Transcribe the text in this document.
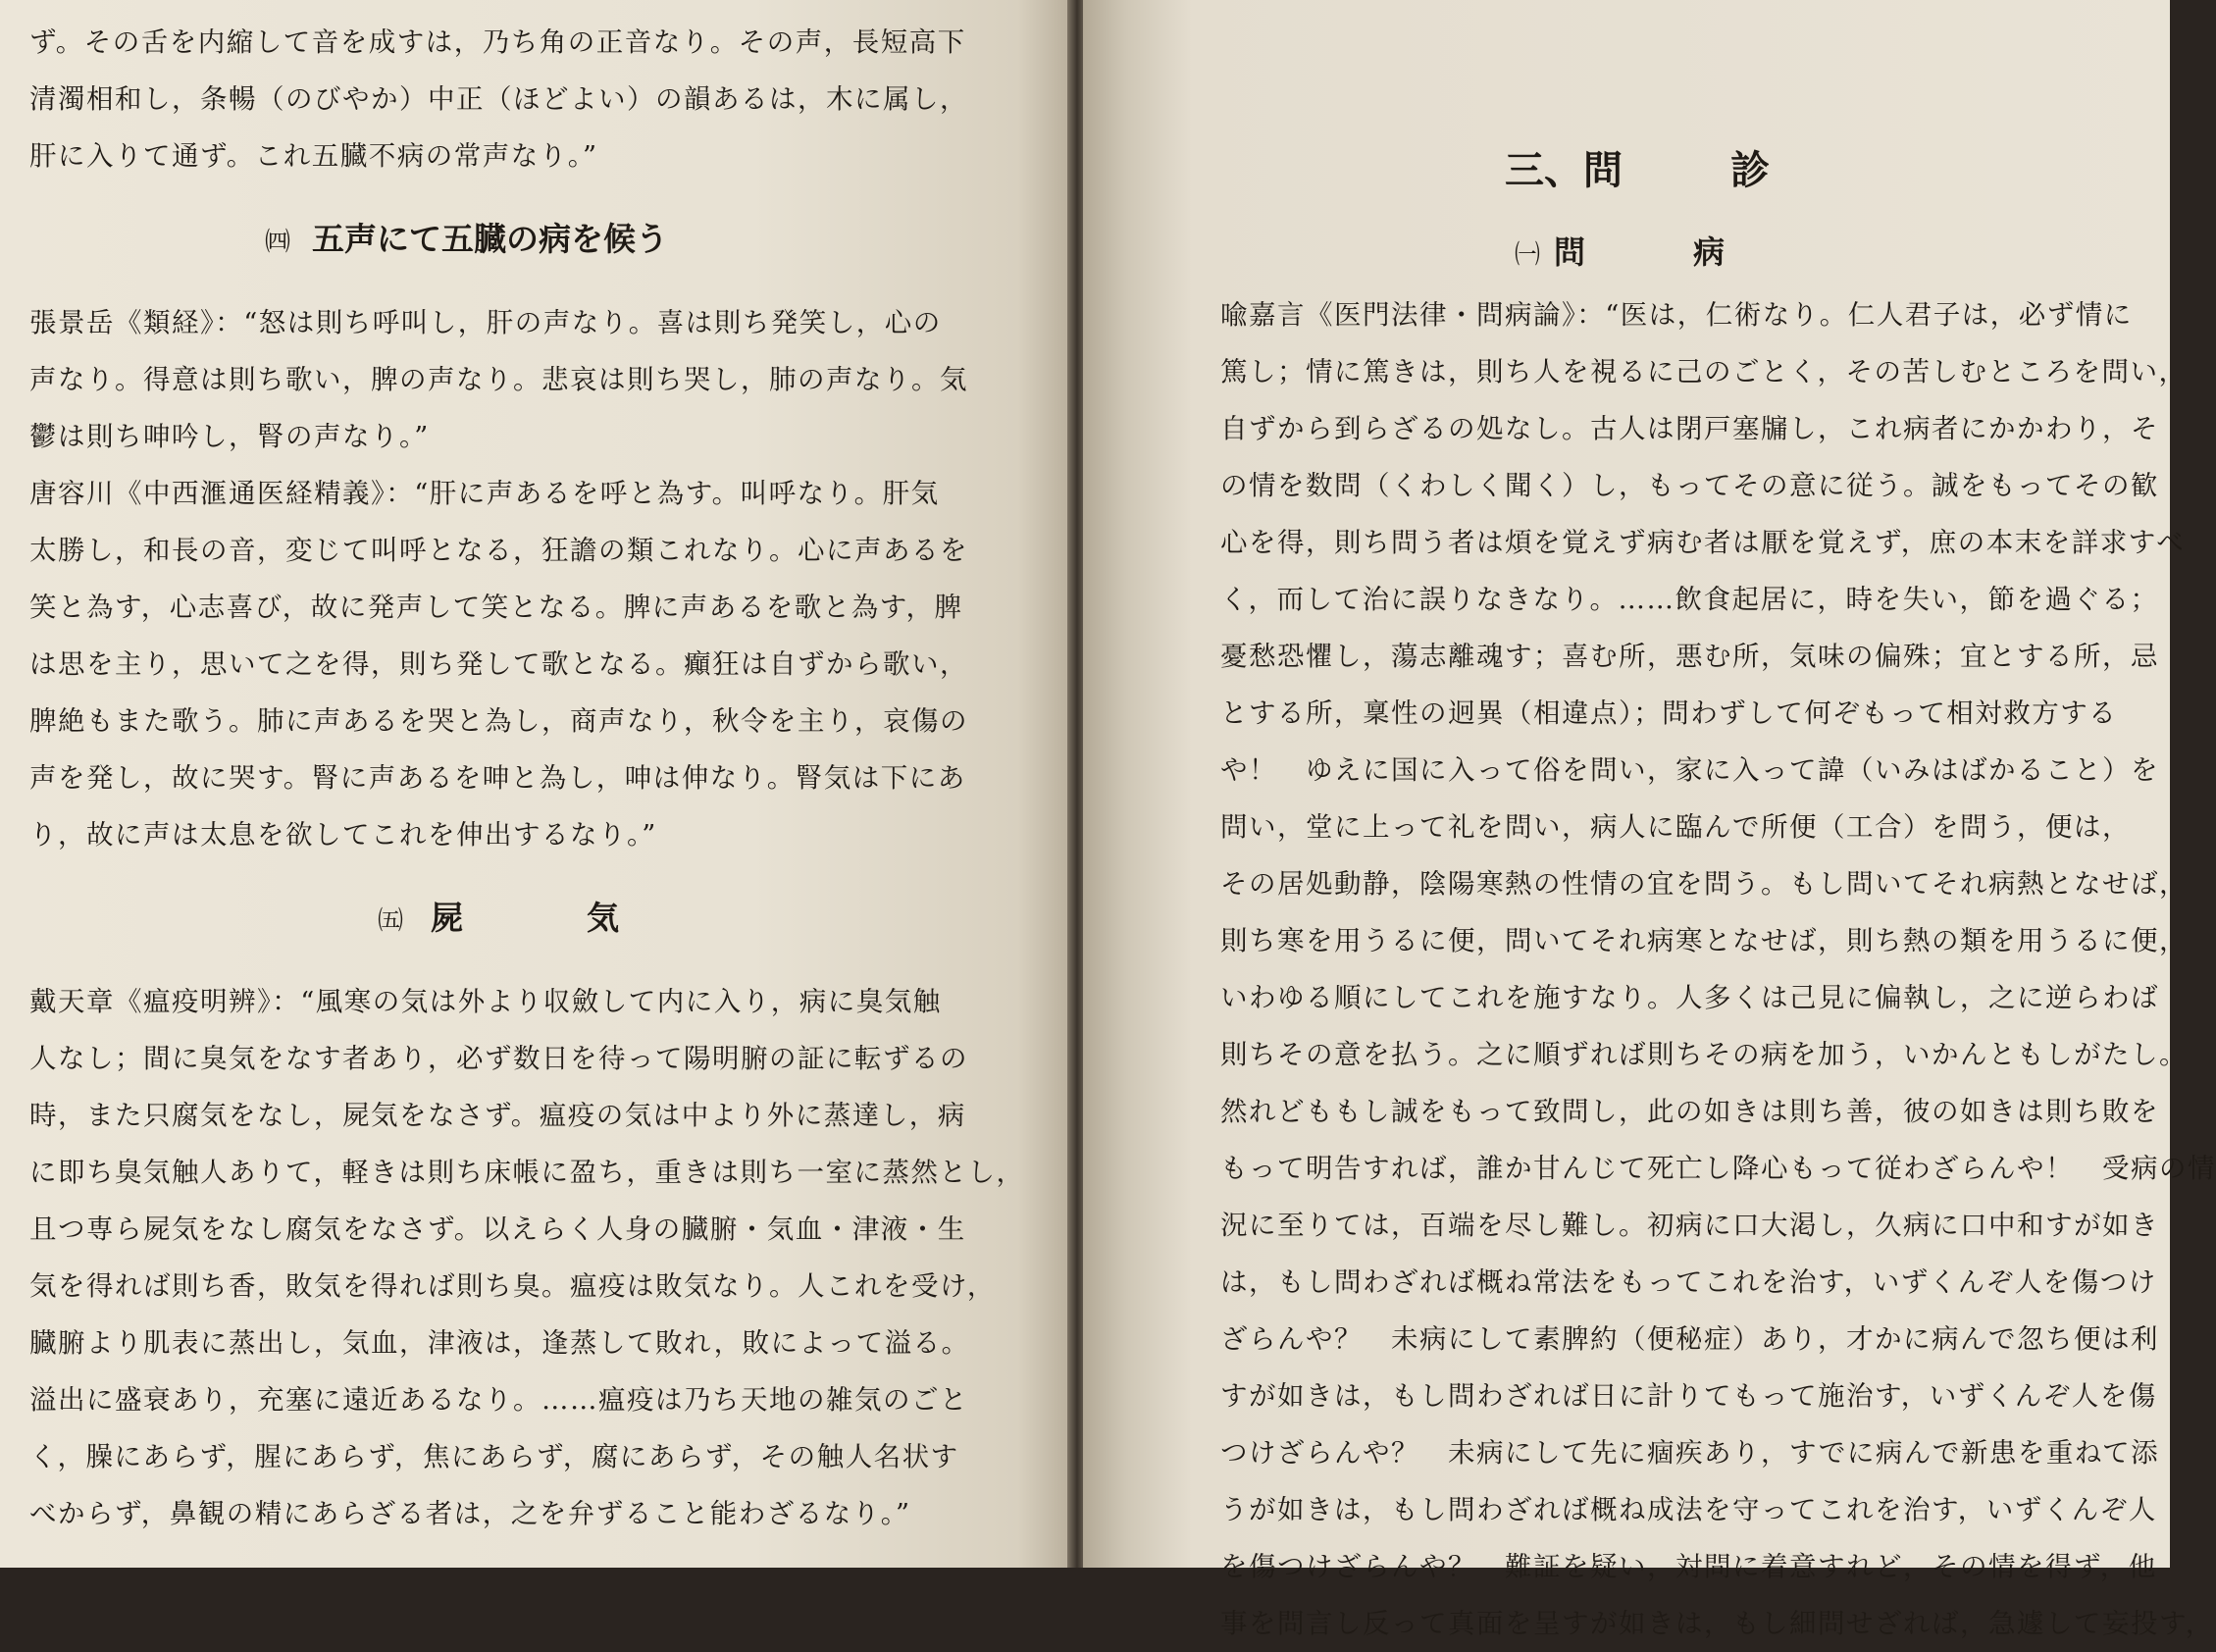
ず。その舌を内縮して音を成すは，乃ち角の正音なり。その声，長短高下

清濁相和し，条暢（のびやか）中正（ほどよい）の韻あるは，木に属し，

肝に入りて通ず。これ五臓不病の常声なり。”

㈣ 五声にて五臓の病を候う

張景岳《類経》：“怒は則ち呼叫し，肝の声なり。喜は則ち発笑し，心の

声なり。得意は則ち歌い，脾の声なり。悲哀は則ち哭し，肺の声なり。気

鬱は則ち呻吟し，腎の声なり。”

唐容川《中西滙通医経精義》：“肝に声あるを呼と為す。叫呼なり。肝気

太勝し，和長の音，変じて叫呼となる，狂譫の類これなり。心に声あるを

笑と為す，心志喜び，故に発声して笑となる。脾に声あるを歌と為す，脾

は思を主り，思いて之を得，則ち発して歌となる。癲狂は自ずから歌い，

脾絶もまた歌う。肺に声あるを哭と為し，商声なり，秋令を主り，哀傷の

声を発し，故に哭す。腎に声あるを呻と為し，呻は伸なり。腎気は下にあ

り，故に声は太息を欲してこれを伸出するなり。”

㈤ 屍	気

戴天章《瘟疫明辨》：“風寒の気は外より収斂して内に入り，病に臭気触

人なし；間に臭気をなす者あり，必ず数日を待って陽明腑の証に転ずるの

時，また只腐気をなし，屍気をなさず。瘟疫の気は中より外に蒸達し，病

に即ち臭気触人ありて，軽きは則ち床帳に盈ち，重きは則ち一室に蒸然とし，

且つ専ら屍気をなし腐気をなさず。以えらく人身の臓腑・気血・津液・生

気を得れば則ち香，敗気を得れば則ち臭。瘟疫は敗気なり。人これを受け，

臓腑より肌表に蒸出し，気血，津液は，逢蒸して敗れ，敗によって溢る。

溢出に盛衰あり，充塞に遠近あるなり。……瘟疫は乃ち天地の雑気のごと

く，臊にあらず，腥にあらず，焦にあらず，腐にあらず，その触人名状す

べからず，鼻観の精にあらざる者は，之を弁ずること能わざるなり。”

三、問	診
㈠ 問	病

喩嘉言《医門法律・問病論》：“医は，仁術なり。仁人君子は，必ず情に

篤し；情に篤きは，則ち人を視るに己のごとく，その苦しむところを問い，

自ずから到らざるの処なし。古人は閉戸塞牖し，これ病者にかかわり，そ

の情を数問（くわしく聞く）し，もってその意に従う。誠をもってその歓

心を得，則ち問う者は煩を覚えず病む者は厭を覚えず，庶の本末を詳求すべ

く，而して治に誤りなきなり。……飲食起居に，時を失い，節を過ぐる；

憂愁恐懼し，蕩志離魂す；喜む所，悪む所，気味の偏殊；宜とする所，忌

とする所，稟性の迥異（相違点）；問わずして何ぞもって相対救方する

や！　ゆえに国に入って俗を問い，家に入って諱（いみはばかること）を

問い，堂に上って礼を問い，病人に臨んで所便（工合）を問う，便は，

その居処動静，陰陽寒熱の性情の宜を問う。もし問いてそれ病熱となせば，

則ち寒を用うるに便，問いてそれ病寒となせば，則ち熱の類を用うるに便，

いわゆる順にしてこれを施すなり。人多くは己見に偏執し，之に逆らわば

則ちその意を払う。之に順ずれば則ちその病を加う，いかんともしがたし。

然れどももし誠をもって致問し，此の如きは則ち善，彼の如きは則ち敗を

もって明告すれば，誰か甘んじて死亡し降心もって従わざらんや！　受病の情

況に至りては，百端を尽し難し。初病に口大渇し，久病に口中和すが如き

は，もし問わざれば概ね常法をもってこれを治す，いずくんぞ人を傷つけ

ざらんや？　未病にして素脾約（便秘症）あり，才かに病んで忽ち便は利

すが如きは，もし問わざれば日に計りてもって施治す，いずくんぞ人を傷

つけざらんや？　未病にして先に痼疾あり，すでに病んで新患を重ねて添

うが如きは，もし問わざれば概ね成法を守ってこれを治す，いずくんぞ人

を傷つけざらんや？　難証を疑い，対問に着意すれど，その情を得ず，他

事を問言し反って真面を呈すが如きは，もし細問せざれば，急遽して妄投す，
